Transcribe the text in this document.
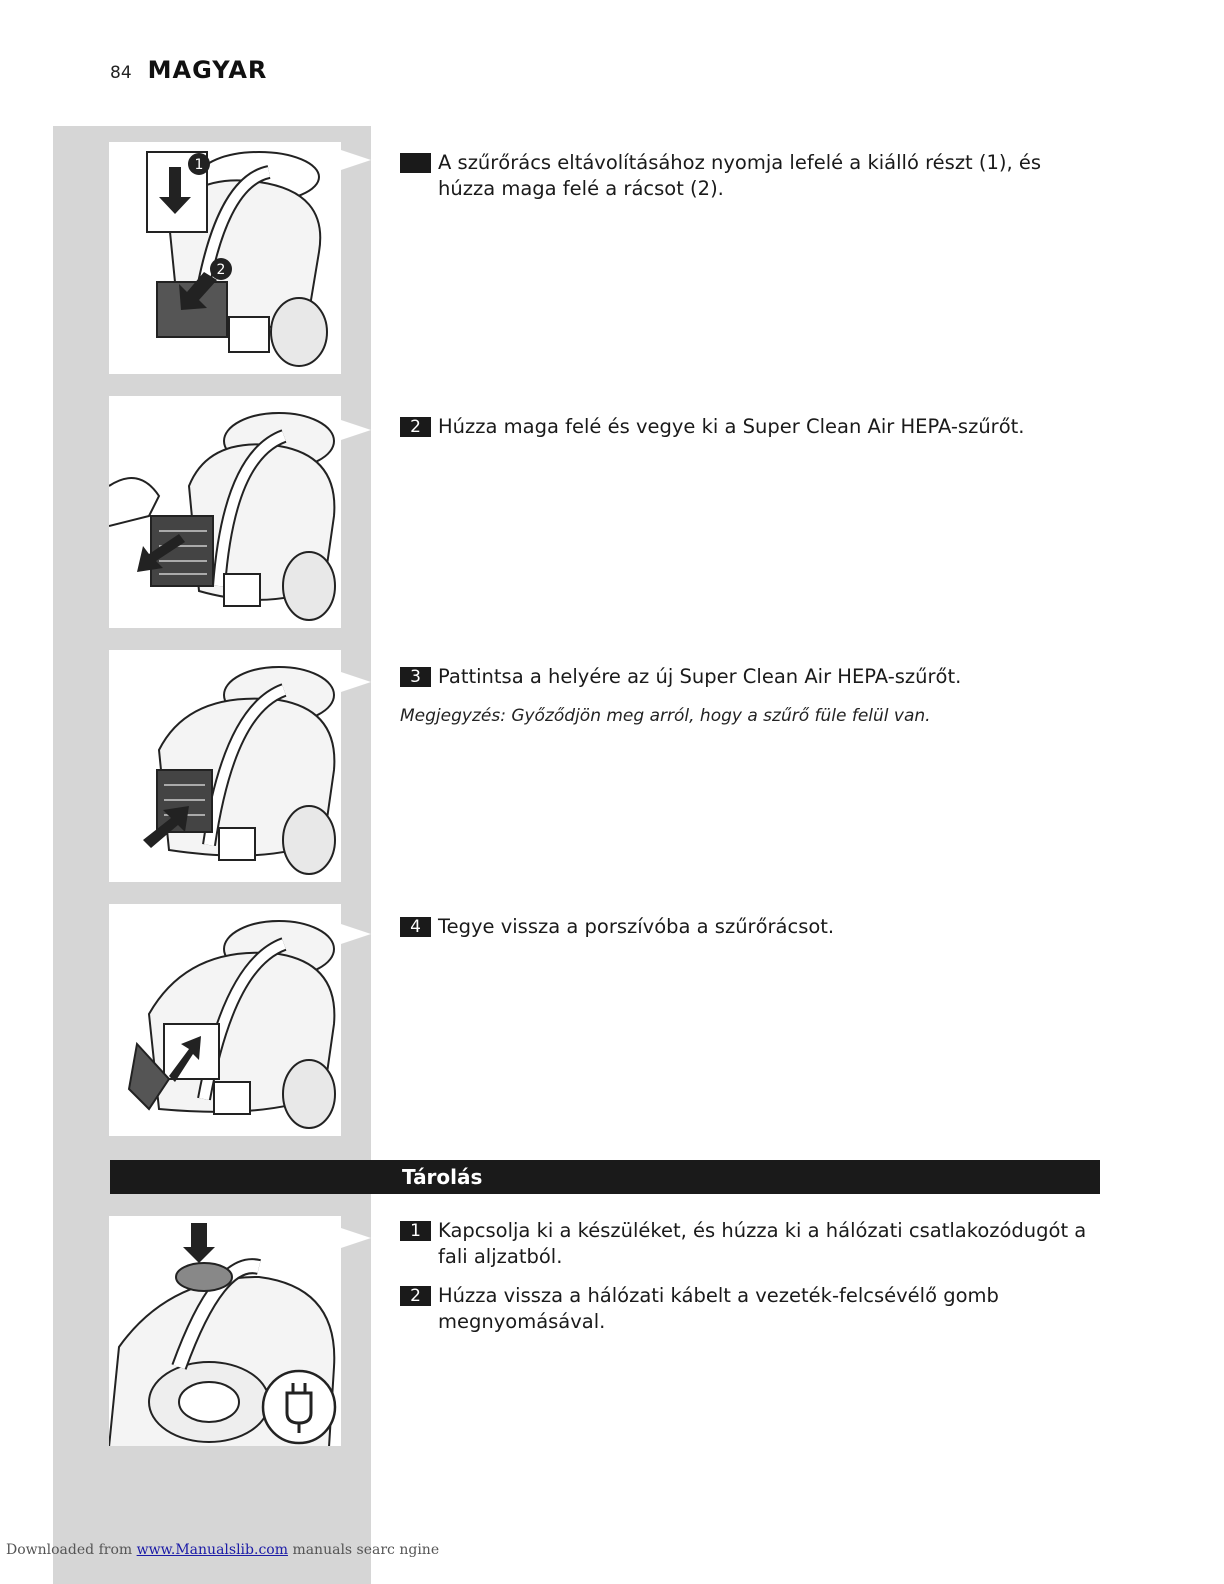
84 MAGYAR
1
2
A szűrőrács eltávolításához nyomja lefelé a kiálló részt (1), és húzza maga felé a rácsot (2).
2 Húzza maga felé és vegye ki a Super Clean Air HEPA-szűrőt.
3 Pattintsa a helyére az új Super Clean Air HEPA-szűrőt.
Megjegyzés: Győződjön meg arról, hogy a szűrő füle felül van.
4 Tegye vissza a porszívóba a szűrőrácsot.
Tárolás
1 Kapcsolja ki a készüléket, és húzza ki a hálózati csatlakozódugót a fali aljzatból.
2 Húzza vissza a hálózati kábelt a vezeték-felcsévélő gomb megnyomásával.
Downloaded from www.Manualslib.com manuals searc ngine
